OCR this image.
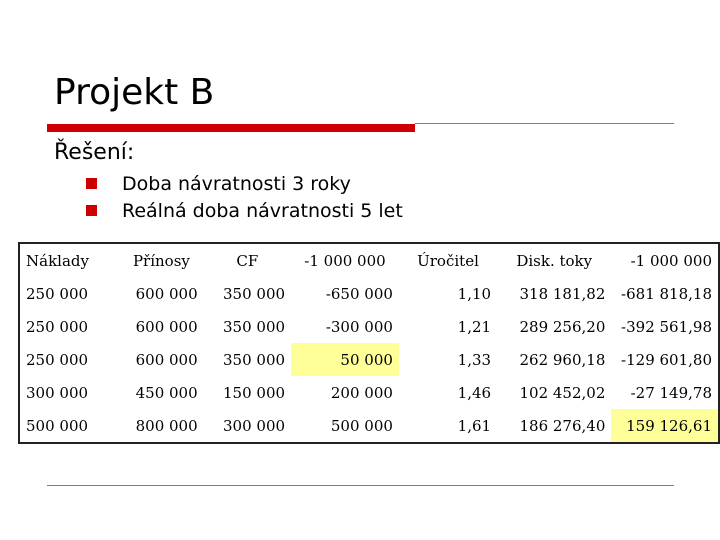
Projekt B

Řešení:

Doba návratnosti 3 roky
Reálná doba návratnosti 5 let
Náklady	Přínosy	CF	-1 000 000	Úročitel	Disk. toky	-1 000 000
250 000	600 000	350 000	-650 000	1,10	318 181,82	-681 818,18
250 000	600 000	350 000	-300 000	1,21	289 256,20	-392 561,98
250 000	600 000	350 000	50 000	1,33	262 960,18	-129 601,80
300 000	450 000	150 000	200 000	1,46	102 452,02	-27 149,78
500 000	800 000	300 000	500 000	1,61	186 276,40	159 126,61
